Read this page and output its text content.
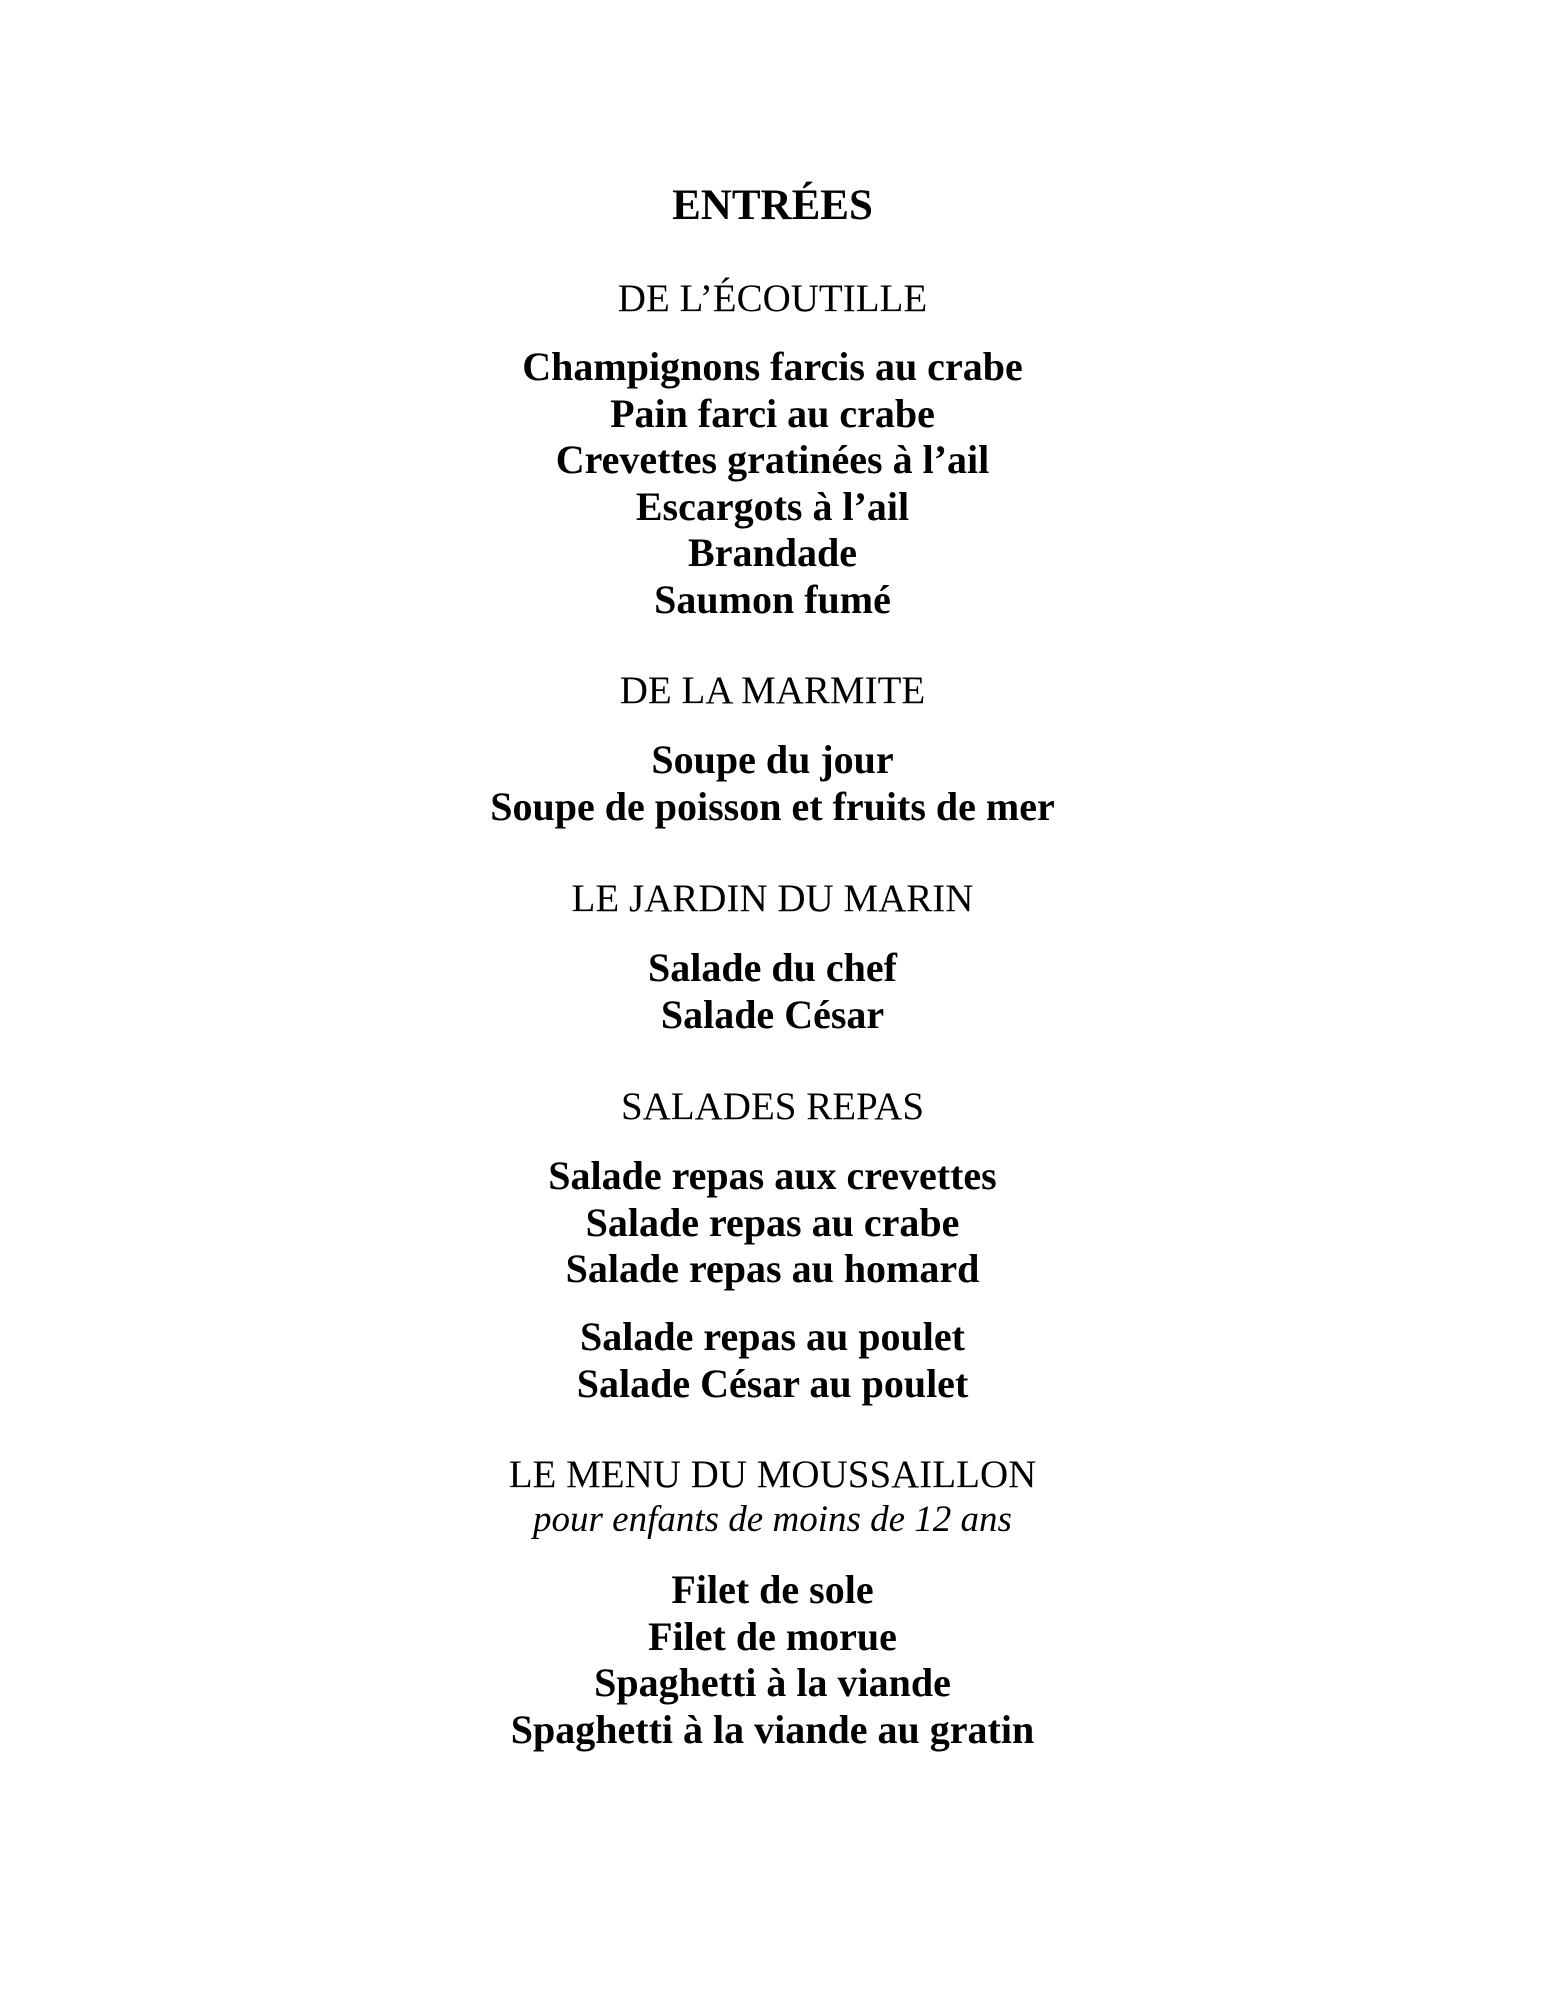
ENTRÉES
DE L’ÉCOUTILLE
Champignons farcis au crabe
Pain farci au crabe
Crevettes gratinées à l’ail
Escargots à l’ail
Brandade
Saumon fumé
DE LA MARMITE
Soupe du jour
Soupe de poisson et fruits de mer
LE JARDIN DU MARIN
Salade du chef
Salade César
SALADES REPAS
Salade repas aux crevettes
Salade repas au crabe
Salade repas au homard
Salade repas au poulet
Salade César au poulet
LE MENU DU MOUSSAILLON

pour enfants de moins de 12 ans

Filet de sole
Filet de morue
Spaghetti à la viande
Spaghetti à la viande au gratin
